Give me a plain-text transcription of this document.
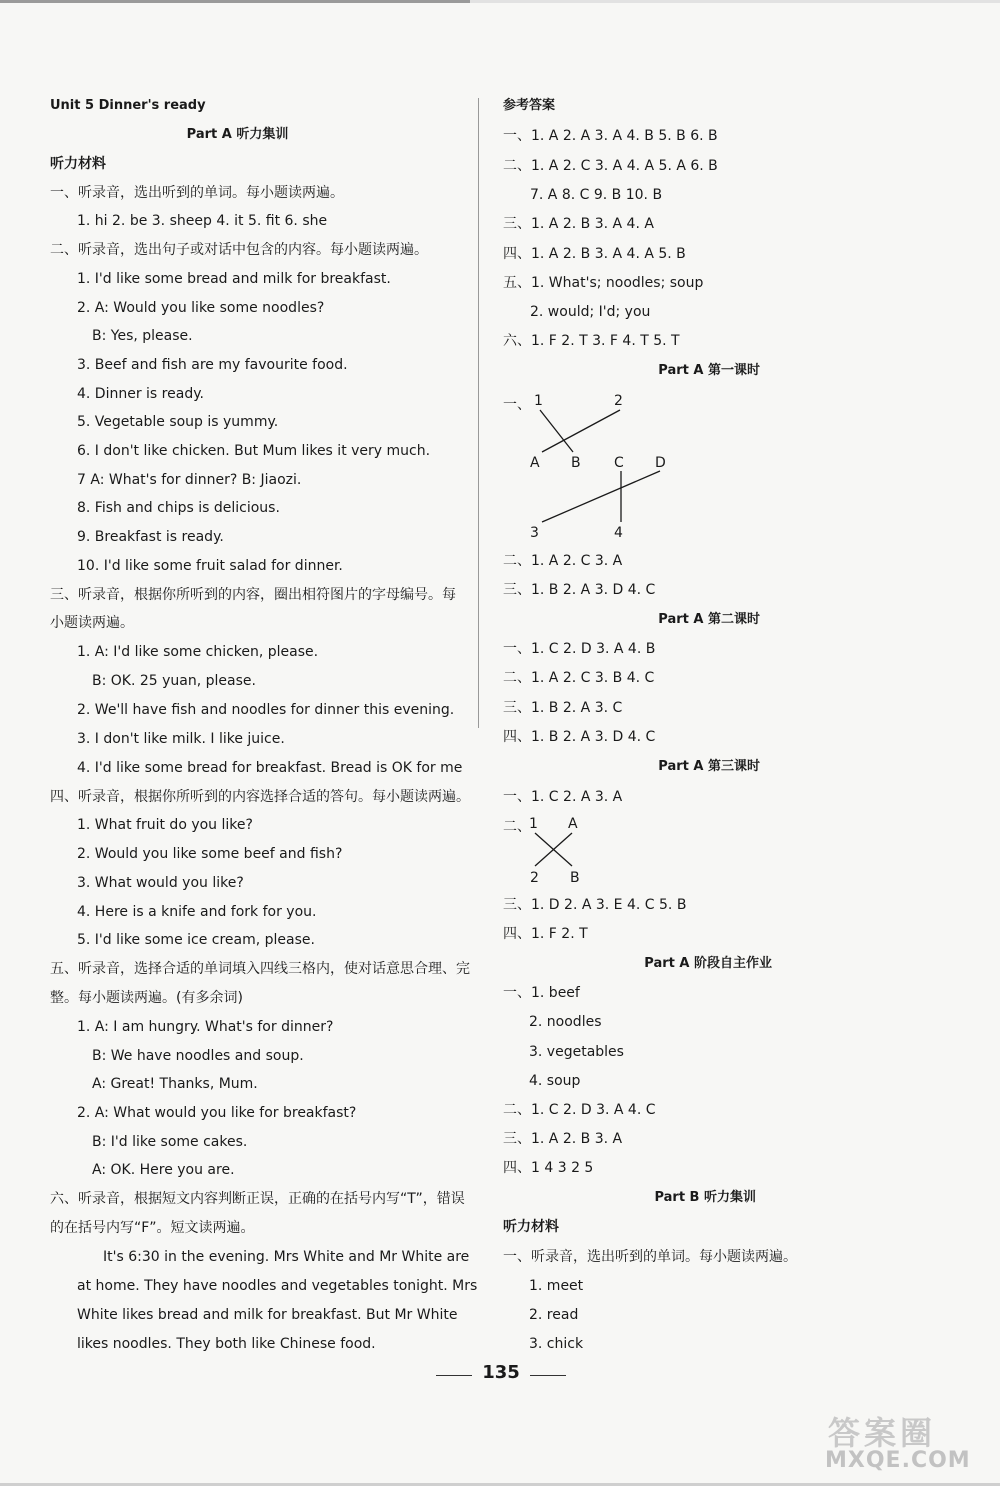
Unit 5 Dinner's ready
Part A 听力集训
听力材料
一、听录音，选出听到的单词。每小题读两遍。
1. hi 2. be 3. sheep 4. it 5. fit 6. she
二、听录音，选出句子或对话中包含的内容。每小题读两遍。
1. I'd like some bread and milk for breakfast.
2. A: Would you like some noodles?
B: Yes, please.
3. Beef and fish are my favourite food.
4. Dinner is ready.
5. Vegetable soup is yummy.
6. I don't like chicken. But Mum likes it very much.
7 A: What's for dinner? B: Jiaozi.
8. Fish and chips is delicious.
9. Breakfast is ready.
10. I'd like some fruit salad for dinner.
三、听录音，根据你所听到的内容，圈出相符图片的字母编号。每
小题读两遍。
1. A: I'd like some chicken, please.
B: OK. 25 yuan, please.
2. We'll have fish and noodles for dinner this evening.
3. I don't like milk. I like juice.
4. I'd like some bread for breakfast. Bread is OK for me
四、听录音，根据你所听到的内容选择合适的答句。每小题读两遍。
1. What fruit do you like?
2. Would you like some beef and fish?
3. What would you like?
4. Here is a knife and fork for you.
5. I'd like some ice cream, please.
五、听录音，选择合适的单词填入四线三格内，使对话意思合理、完
整。每小题读两遍。(有多余词)
1. A: I am hungry. What's for dinner?
B: We have noodles and soup.
A: Great! Thanks, Mum.
2. A: What would you like for breakfast?
B: I'd like some cakes.
A: OK. Here you are.
六、听录音，根据短文内容判断正误，正确的在括号内写“T”，错误
的在括号内写“F”。短文读两遍。
It's 6:30 in the evening. Mrs White and Mr White are
at home. They have noodles and vegetables tonight. Mrs
White likes bread and milk for breakfast. But Mr White
likes noodles. They both like Chinese food.
参考答案
一、1. A 2. A 3. A 4. B 5. B 6. B
二、1. A 2. C 3. A 4. A 5. A 6. B
7. A 8. C 9. B 10. B
三、1. A 2. B 3. A 4. A
四、1. A 2. B 3. A 4. A 5. B
五、1. What's; noodles; soup
2. would; I'd; you
六、1. F 2. T 3. F 4. T 5. T
Part A 第一课时
一、 1	2
A B C D
3	4
二、1. A 2. C 3. A
三、1. B 2. A 3. D 4. C
Part A 第二课时
一、1. C 2. D 3. A 4. B
二、1. A 2. C 3. B 4. C
三、1. B 2. A 3. C
四、1. B 2. A 3. D 4. C
Part A 第三课时
一、1. C 2. A 3. A
二、
1 A
2 B
三、1. D 2. A 3. E 4. C 5. B
四、1. F 2. T
Part A 阶段自主作业
一、1. beef
2. noodles
3. vegetables
4. soup
二、1. C 2. D 3. A 4. C
三、1. A 2. B 3. A
四、1 4 3 2 5
Part B 听力集训
听力材料
一、听录音，选出听到的单词。每小题读两遍。
1. meet
2. read
3. chick
135
答案圈
MXQE.COM
